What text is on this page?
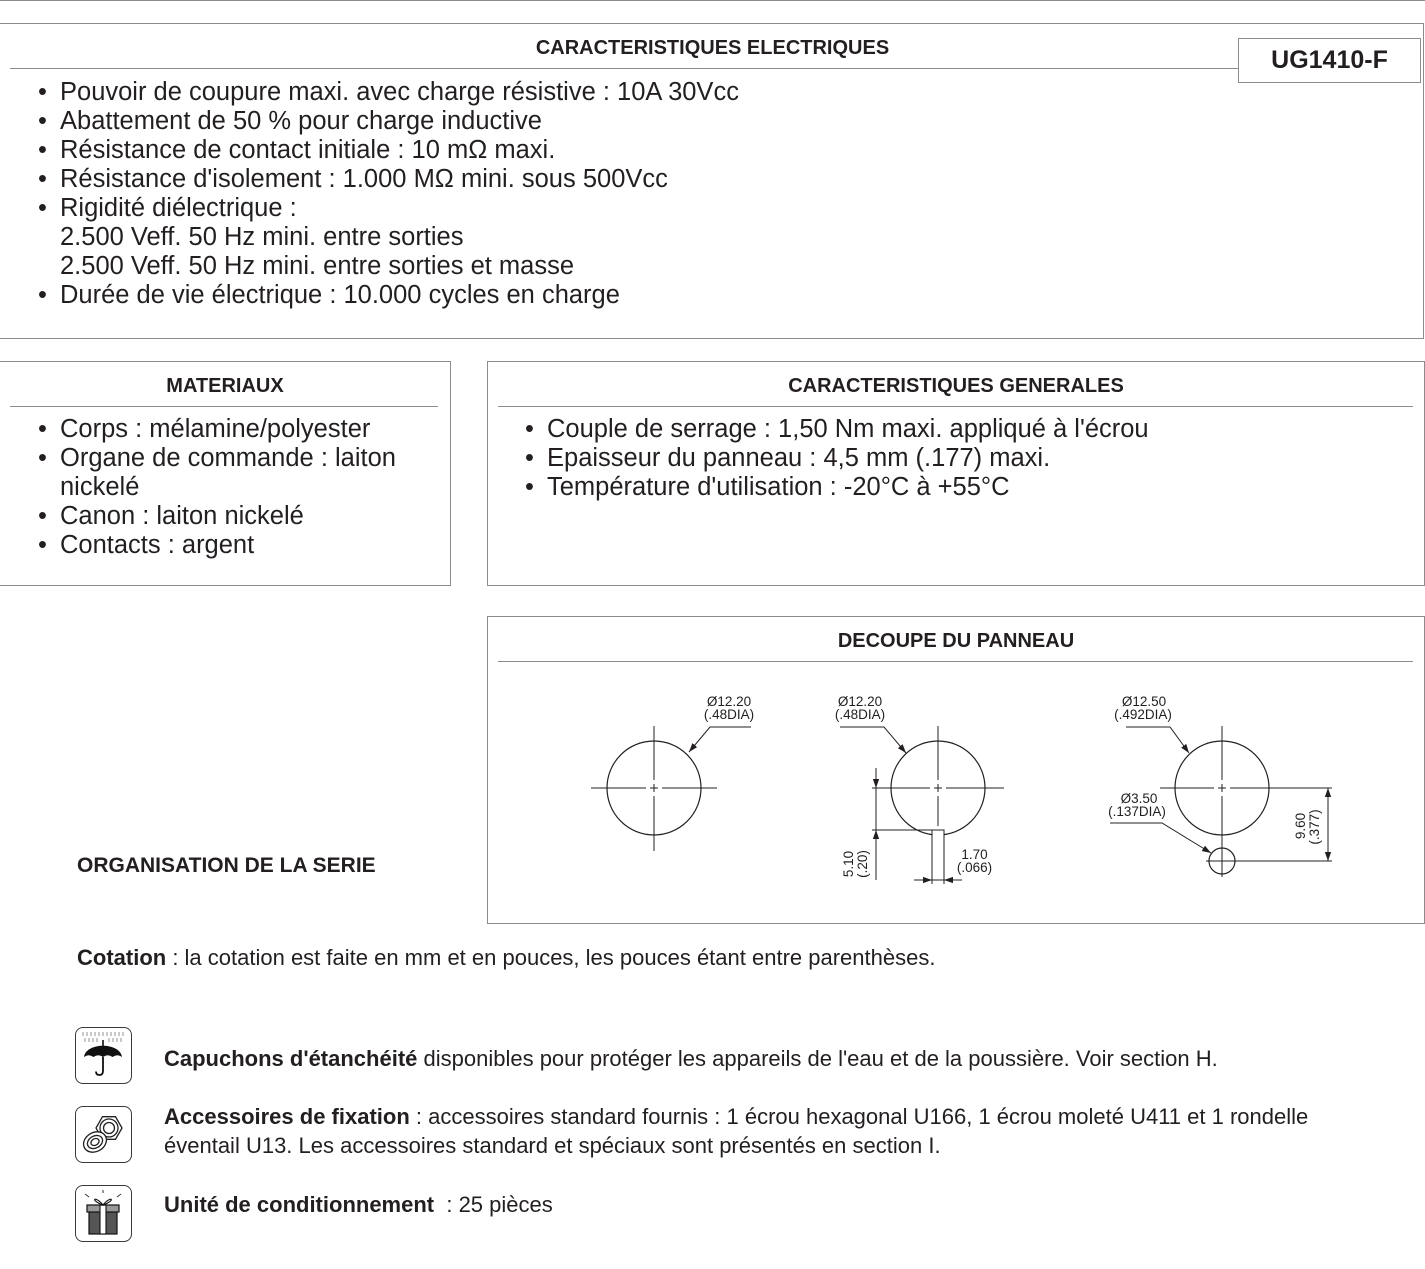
CARACTERISTIQUES ELECTRIQUES	UG1410-F
• Pouvoir de coupure maxi. avec charge résistive : 10A 30Vcc
• Abattement de 50 % pour charge inductive
• Résistance de contact initiale : 10 mΩ maxi.
• Résistance d'isolement : 1.000 MΩ mini. sous 500Vcc
• Rigidité diélectrique :
2.500 Veff. 50 Hz mini. entre sorties
2.500 Veff. 50 Hz mini. entre sorties et masse
• Durée de vie électrique : 10.000 cycles en charge
MATERIAUX
• Corps : mélamine/polyester
• Organe de commande : laiton nickelé
• Canon : laiton nickelé
• Contacts : argent
CARACTERISTIQUES GENERALES
• Couple de serrage : 1,50 Nm maxi. appliqué à l'écrou
• Epaisseur du panneau : 4,5 mm (.177) maxi.
• Température d'utilisation : -20°C à +55°C
DECOUPE DU PANNEAU
Ø12.20
(.48DIA)
Ø12.20
(.48DIA)
5.10 (.20)	1.70
(.066)
Ø12.50
(.492DIA)
Ø3.50
(.137DIA)
9.60 (.377)
ORGANISATION DE LA SERIE
Cotation : la cotation est faite en mm et en pouces, les pouces étant entre parenthèses.
Capuchons d'étanchéité disponibles pour protéger les appareils de l'eau et de la poussière. Voir section H.
Accessoires de fixation : accessoires standard fournis : 1 écrou hexagonal U166, 1 écrou moleté U411 et 1 rondelle
éventail U13. Les accessoires standard et spéciaux sont présentés en section I.
Unité de conditionnement  : 25 pièces
